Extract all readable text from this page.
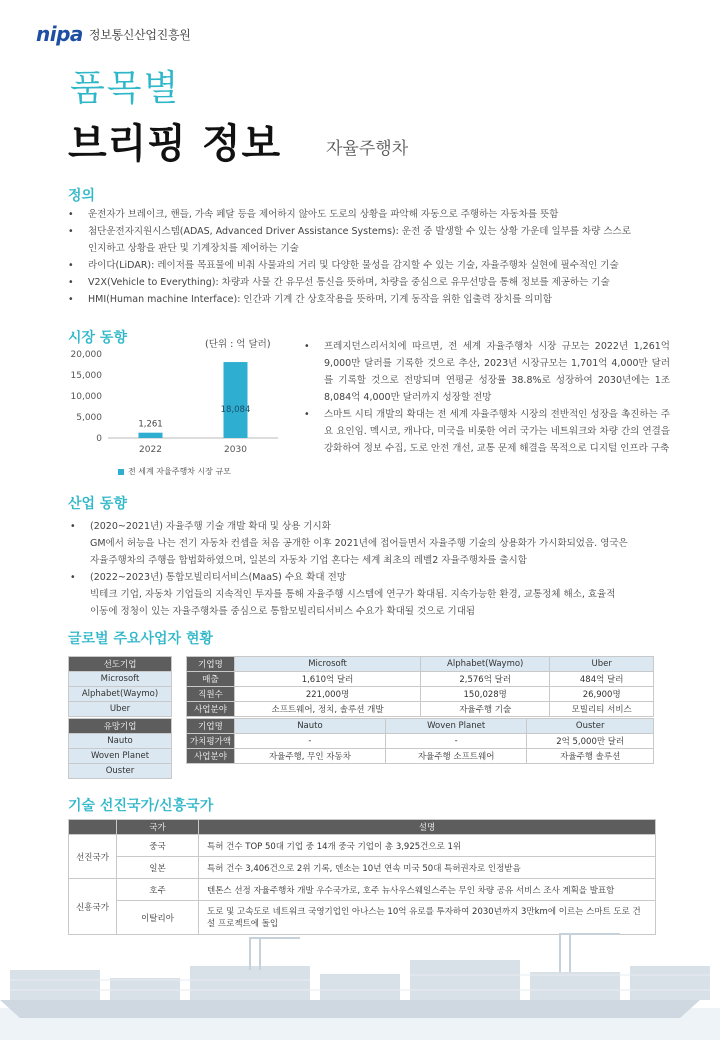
nipa 정보통신산업진흥원
품목별
브리핑 정보	자율주행차
정의
• 운전자가 브레이크, 핸들, 가속 페달 등을 제어하지 않아도 도로의 상황을 파악해 자동으로 주행하는 자동차를 뜻함
• 첨단운전자지원시스템(ADAS, Advanced Driver Assistance Systems): 운전 중 발생할 수 있는 상황 가운데 일부를 차량 스스로
인지하고 상황을 판단 및 기계장치를 제어하는 기술
• 라이다(LiDAR): 레이저를 목표물에 비춰 사물과의 거리 및 다양한 물성을 감지할 수 있는 기술, 자율주행차 실현에 필수적인 기술
• V2X(Vehicle to Everything): 차량과 사물 간 유무선 통신을 뜻하며, 차량을 중심으로 유무선망을 통해 정보를 제공하는 기술
• HMI(Human machine Interface): 인간과 기계 간 상호작용을 뜻하며, 기계 동작을 위한 입출력 장치를 의미함
시장 동향	(단위 : 억 달러)
20,000
15,000
10,000
5,000
0
2022
1,261
2030
18,084
전 세계 자율주행차 시장 규모
• 프레지던스리서치에 따르면, 전 세계 자율주행차 시장 규모는 2022년 1,261억 9,000만 달러를 기록한 것으로 추산, 2023년 시장규모는 1,701억 4,000만 달러를 기록할 것으로 전망되며 연평균 성장률 38.8%로 성장하여 2030년에는 1조 8,084억 4,000만 달러까지 성장할 전망
• 스마트 시티 개발의 확대는 전 세계 자율주행차 시장의 전반적인 성장을 촉진하는 주요 요인임. 멕시코, 캐나다, 미국을 비롯한 여러 국가는 네트워크와 차량 간의 연결을 강화하여 정보 수집, 도로 안전 개선, 교통 문제 해결을 목적으로 디지털 인프라 구축
산업 동향
• (2020~2021년) 자율주행 기술 개발 확대 및 상용 기시화
GM에서 허능을 나는 전기 자동차 컨셉을 처음 공개한 이후 2021년에 접어들면서 자율주행 기술의 상용화가 가시화되었음. 영국은
자율주행차의 주행을 합법화하였으며, 일본의 자동차 기업 혼다는 세계 최초의 레벨2 자율주행차를 출시함
• (2022~2023년) 통합모빌리티서비스(MaaS) 수요 확대 전망
빅테크 기업, 자동차 기업들의 지속적인 투자를 통해 자율주행 시스템에 연구가 확대됨. 지속가능한 환경, 교통정체 해소, 효율적
이동에 정청이 있는 자율주행차를 중심으로 통합모빌리티서비스 수요가 확대될 것으로 기대됨
글로벌 주요사업자 현황
선도기업
Microsoft
Alphabet(Waymo)
Uber
기업명	Microsoft	Alphabet(Waymo)	Uber
매출	1,610억 달러	2,576억 달러	484억 달러
직원수	221,000명	150,028명	26,900명
사업분야	소프트웨어, 정치, 솔루션 개발	자율주행 기술	모빌리티 서비스
유망기업
Nauto
Woven Planet
Ouster
기업명	Nauto	Woven Planet	Ouster
가치평가액	-	-	2억 5,000만 달러
사업분야	자율주행, 무인 자동차	자율주행 소프트웨어	자율주행 솔루션
기술 선진국가/신흥국가
	국가	설명
선진국가	중국	특허 건수 TOP 50대 기업 중 14개 중국 기업이 총 3,925건으로 1위
	일본	특허 건수 3,406건으로 2위 기록, 덴소는 10년 연속 미국 50대 특허권자로 인정받음
신흥국가	호주	텐톤스 선정 자율주행차 개발 우수국가로, 호주 뉴사우스웨일스주는 무인 차량 공유 서비스 조사 계획을 발표함
	이탈리아	도로 및 고속도로 네트워크 국영기업인 아나스는 10억 유로를 투자하여 2030년까지 3만km에 이르는 스마트 도로 건
설 프로젝트에 돌입
